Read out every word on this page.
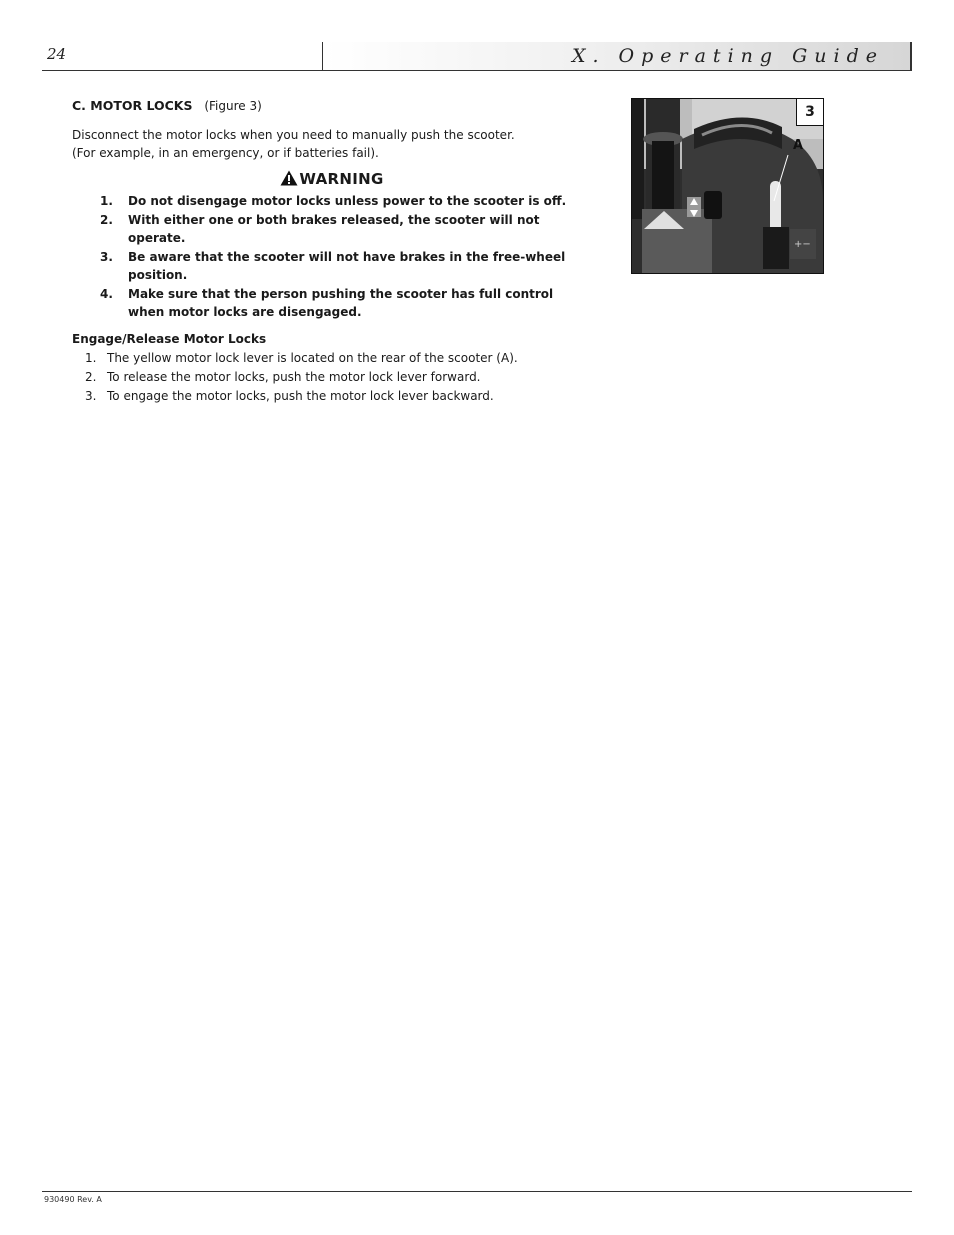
24	X. Operating Guide
C. MOTOR LOCKS (Figure 3)

Disconnect the motor locks when you need to manually push the scooter.

(For example, in an emergency, or if batteries fail).

WARNING
1.	Do not disengage motor locks unless power to the scooter is off.
2.	With either one or both brakes released, the scooter will not operate.
3.	Be aware that the scooter will not have brakes in the free-wheel position.
4.	Make sure that the person pushing the scooter has full control when motor locks are disengaged.
Engage/Release Motor Locks
1. The yellow motor lock lever is located on the rear of the scooter (A).
2. To release the motor locks, push the motor lock lever forward.
3. To engage the motor locks, push the motor lock lever backward.
+−
3
A
930490 Rev. A
